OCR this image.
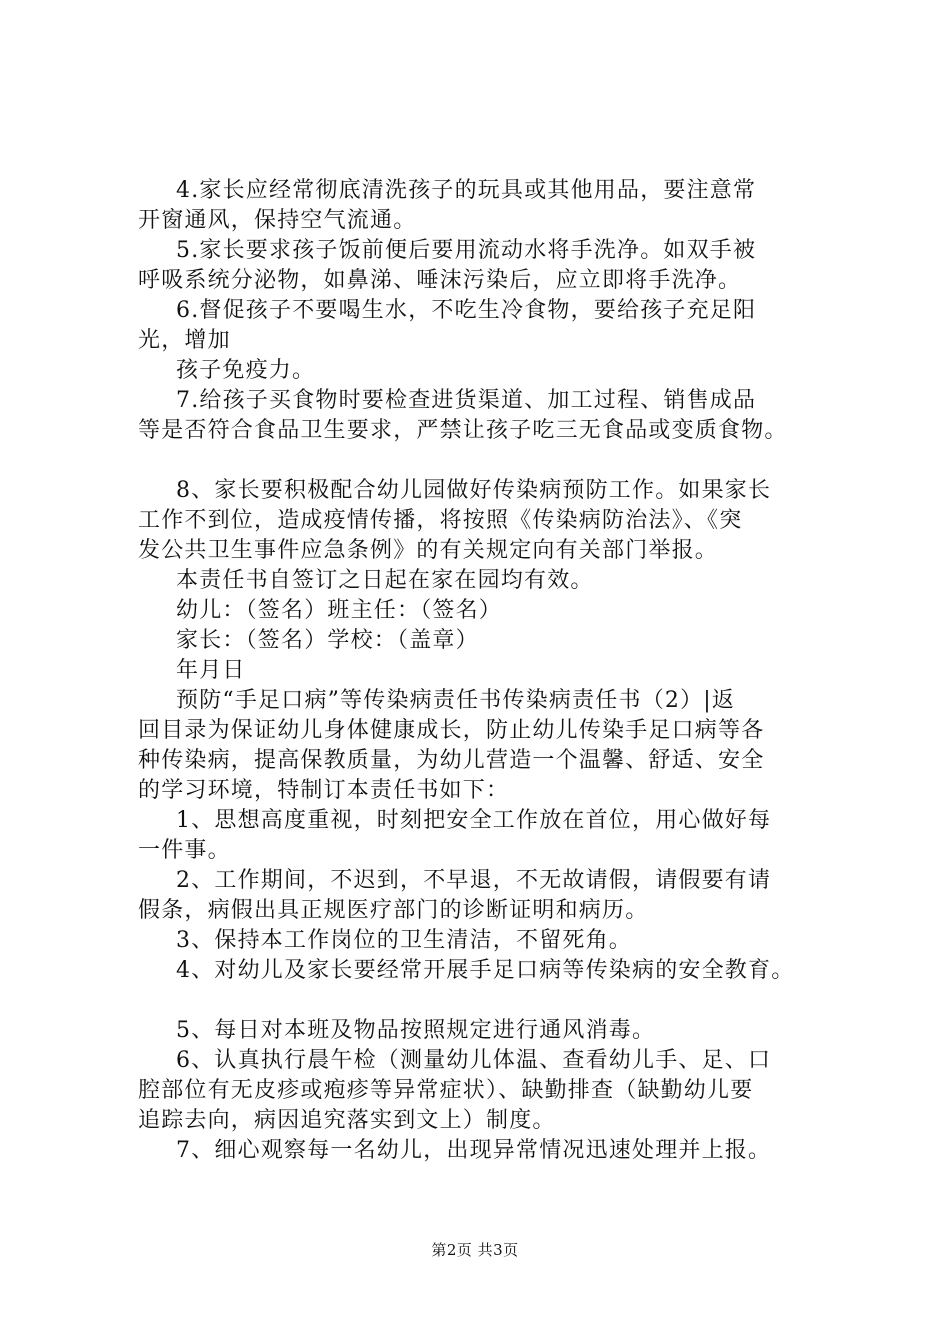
4.家长应经常彻底清洗孩子的玩具或其他用品，要注意常
开窗通风，保持空气流通。
5.家长要求孩子饭前便后要用流动水将手洗净。如双手被
呼吸系统分泌物，如鼻涕、唾沫污染后，应立即将手洗净。
6.督促孩子不要喝生水，不吃生冷食物，要给孩子充足阳
光，增加
孩子免疫力。
7.给孩子买食物时要检查进货渠道、加工过程、销售成品
等是否符合食品卫生要求，严禁让孩子吃三无食品或变质食物。
8、家长要积极配合幼儿园做好传染病预防工作。如果家长
工作不到位，造成疫情传播，将按照《传染病防治法》、《突
发公共卫生事件应急条例》的有关规定向有关部门举报。
本责任书自签订之日起在家在园均有效。
幼儿：（签名）班主任：（签名）
家长：（签名）学校：（盖章）
年月日
预防“手足口病”等传染病责任书传染病责任书（2）|返
回目录为保证幼儿身体健康成长，防止幼儿传染手足口病等各
种传染病，提高保教质量，为幼儿营造一个温馨、舒适、安全
的学习环境，特制订本责任书如下：
1、思想高度重视，时刻把安全工作放在首位，用心做好每
一件事。
2、工作期间，不迟到，不早退，不无故请假，请假要有请
假条，病假出具正规医疗部门的诊断证明和病历。
3、保持本工作岗位的卫生清洁，不留死角。
4、对幼儿及家长要经常开展手足口病等传染病的安全教育。
5、每日对本班及物品按照规定进行通风消毒。
6、认真执行晨午检（测量幼儿体温、查看幼儿手、足、口
腔部位有无皮疹或疱疹等异常症状）、缺勤排查（缺勤幼儿要
追踪去向，病因追究落实到文上）制度。
7、细心观察每一名幼儿，出现异常情况迅速处理并上报。
第2页 共3页
